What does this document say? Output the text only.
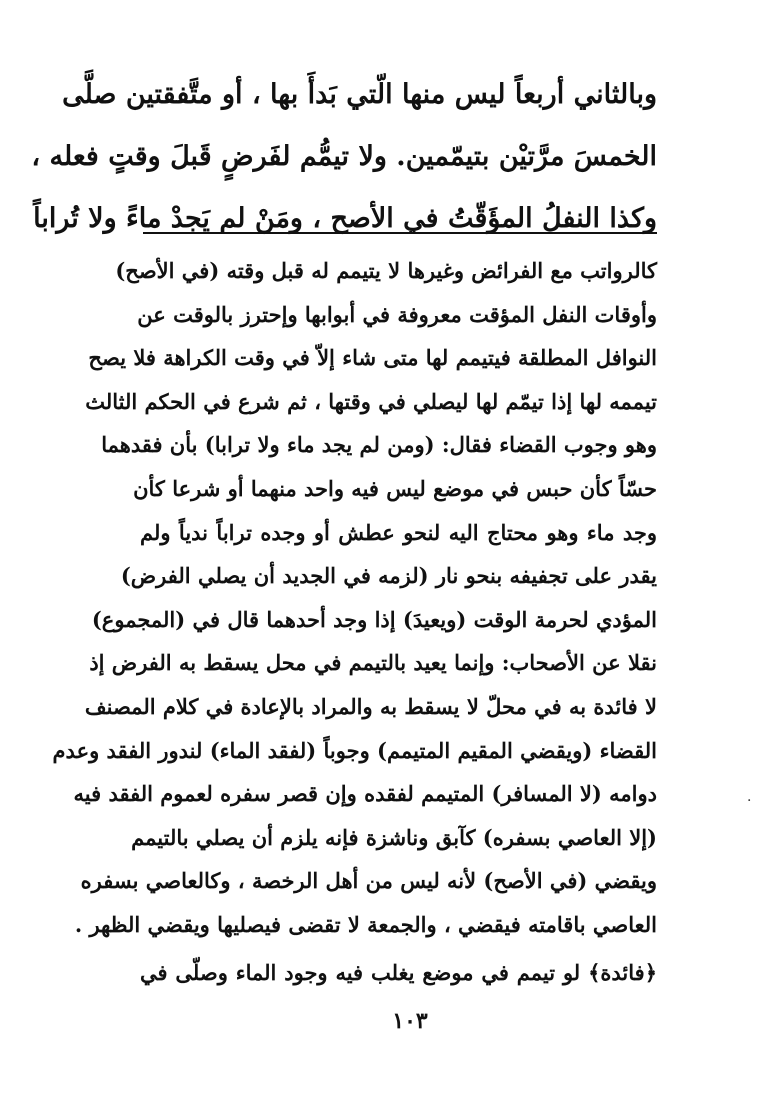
وبالثاني أربعاً ليس منها الّتي بَدأَ بها ، أو متَّفقتين صلَّى
الخمسَ مرَّتيْن بتيمّمين. ولا تيمُّم لفَرضٍ قَبلَ وقتٍ فعله ،
وكذا النفلُ المؤَقّتُ في الأصح ، ومَنْ لم يَجدْ ماءً ولا تُراباً
كالرواتب مع الفرائض وغيرها لا يتيمم له قبل وقته (في الأصح)
وأوقات النفل المؤقت معروفة في أبوابها وإحترز بالوقت عن
النوافل المطلقة فيتيمم لها متى شاء إلاّ في وقت الكراهة فلا يصح
تيممه لها إذا تيمّم لها ليصلي في وقتها ، ثم شرع في الحكم الثالث
وهو وجوب القضاء فقال: (ومن لم يجد ماء ولا ترابا) بأن فقدهما
حسّاً كأن حبس في موضع ليس فيه واحد منهما أو شرعا كأن
وجد ماء وهو محتاج اليه لنحو عطش أو وجده تراباً ندياً ولم
يقدر على تجفيفه بنحو نار (لزمه في الجديد أن يصلي الفرض)
المؤدي لحرمة الوقت (ويعيدَ) إذا وجد أحدهما قال في (المجموع)
نقلا عن الأصحاب: وإنما يعيد بالتيمم في محل يسقط به الفرض إذ
لا فائدة به في محلّ لا يسقط به والمراد بالإعادة في كلام المصنف
القضاء (ويقضي المقيم المتيمم) وجوباً (لفقد الماء) لندور الفقد وعدم
دوامه (لا المسافر) المتيمم لفقده وإن قصر سفره لعموم الفقد فيه
(إلا العاصي بسفره) كآبق وناشزة فإنه يلزم أن يصلي بالتيمم
ويقضي (في الأصح) لأنه ليس من أهل الرخصة ، وكالعاصي بسفره
العاصي باقامته فيقضي ، والجمعة لا تقضى فيصليها ويقضي الظهر .
﴿فائدة﴾ لو تيمم في موضع يغلب فيه وجود الماء وصلّى في
·
١٠٣
